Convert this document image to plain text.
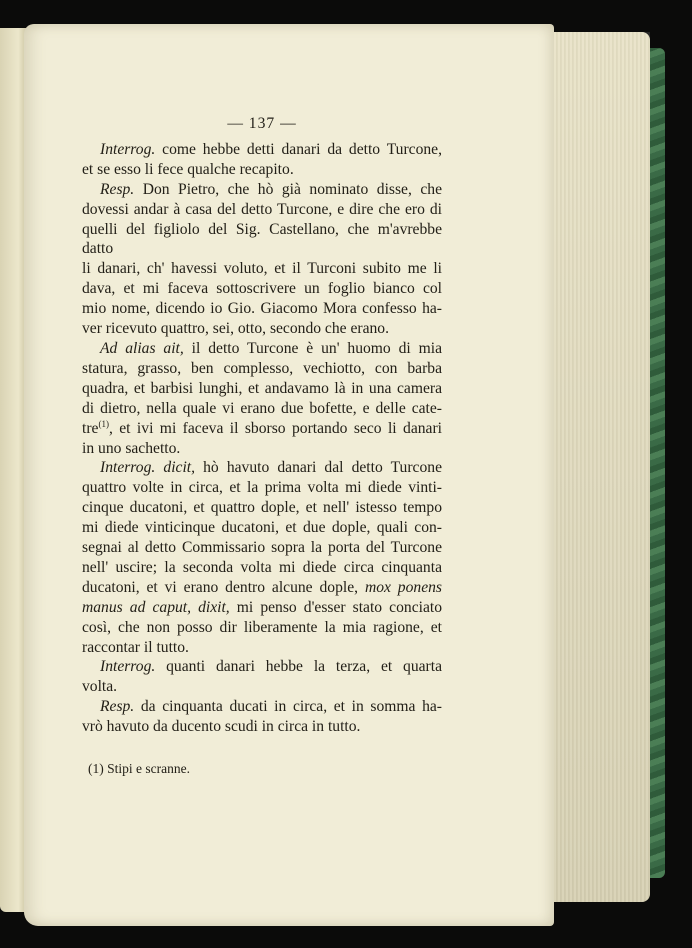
— 137 —
Interrog. come hebbe detti danari da detto Turcone,
et se esso li fece qualche recapito.
Resp. Don Pietro, che hò già nominato disse, che
dovessi andar à casa del detto Turcone, e dire che ero di
quelli del figliolo del Sig. Castellano, che m'avrebbe datto
li danari, ch' havessi voluto, et il Turconi subito me li
dava, et mi faceva sottoscrivere un foglio bianco col
mio nome, dicendo io Gio. Giacomo Mora confesso ha-
ver ricevuto quattro, sei, otto, secondo che erano.
Ad alias ait, il detto Turcone è un' huomo di mia
statura, grasso, ben complesso, vechiotto, con barba
quadra, et barbisi lunghi, et andavamo là in una camera
di dietro, nella quale vi erano due bofette, e delle cate-
tre$^{(1)}$, et ivi mi faceva il sborso portando seco li danari
in uno sachetto.
Interrog. dicit, hò havuto danari dal detto Turcone
quattro volte in circa, et la prima volta mi diede vinti-
cinque ducatoni, et quattro dople, et nell' istesso tempo
mi diede vinticinque ducatoni, et due dople, quali con-
segnai al detto Commissario sopra la porta del Turcone
nell' uscire; la seconda volta mi diede circa cinquanta
ducatoni, et vi erano dentro alcune dople, mox ponens
manus ad caput, dixit, mi penso d'esser stato conciato
così, che non posso dir liberamente la mia ragione, et
raccontar il tutto.
Interrog. quanti danari hebbe la terza, et quarta
volta.
Resp. da cinquanta ducati in circa, et in somma ha-
vrò havuto da ducento scudi in circa in tutto.
(1) Stipi e scranne.
